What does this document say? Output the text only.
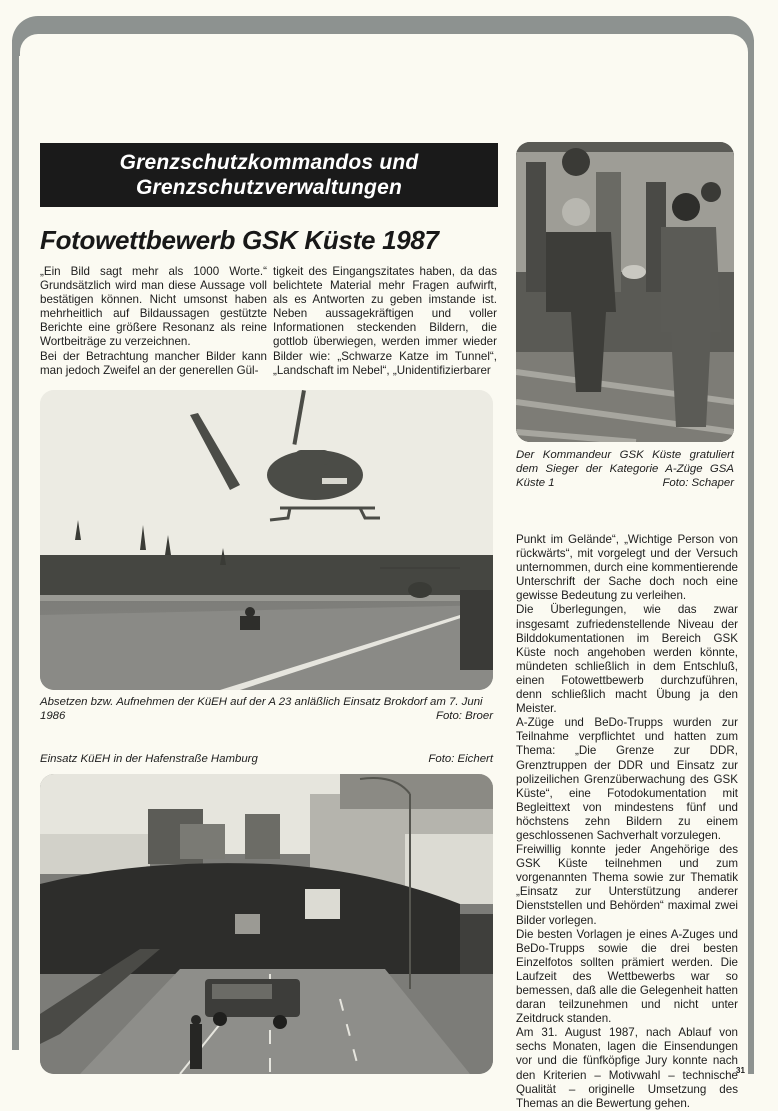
Grenzschutzkommandos und
Grenzschutzverwaltungen
Fotowettbewerb GSK Küste 1987

„Ein Bild sagt mehr als 1000 Worte.“ Grundsätzlich wird man diese Aussage voll bestätigen können. Nicht umsonst haben mehrheitlich auf Bildaussagen gestützte Berichte eine größere Resonanz als reine Wortbeiträge zu verzeichnen.

Bei der Betrachtung mancher Bilder kann man jedoch Zweifel an der generellen Gül-

tigkeit des Eingangszitates haben, da das belichtete Material mehr Fragen aufwirft, als es Antworten zu geben imstande ist. Neben aussagekräftigen und voller Informationen steckenden Bildern, die gottlob überwiegen, werden immer wieder Bilder wie: „Schwarze Katze im Tunnel“, „Landschaft im Nebel“, „Unidentifizierbarer

Der Kommandeur GSK Küste gratuliert dem Sieger der Kategorie A-Züge GSA Küste 1	Foto: Schaper
Absetzen bzw. Aufnehmen der KüEH auf der A 23 anläßlich Einsatz Brokdorf am 7. Juni 1986	Foto: Broer
Einsatz KüEH in der Hafenstraße Hamburg	Foto: Eichert

Punkt im Gelände“, „Wichtige Person von rückwärts“, mit vorgelegt und der Versuch unternommen, durch eine kommentierende Unterschrift der Sache doch noch eine gewisse Bedeutung zu verleihen.

Die Überlegungen, wie das zwar insgesamt zufriedenstellende Niveau der Bilddokumentationen im Bereich GSK Küste noch angehoben werden könnte, mündeten schließlich in dem Entschluß, einen Fotowettbewerb durchzuführen, denn schließlich macht Übung ja den Meister.

A-Züge und BeDo-Trupps wurden zur Teilnahme verpflichtet und hatten zum Thema: „Die Grenze zur DDR, Grenztruppen der DDR und Einsatz zur polizeilichen Grenzüberwachung des GSK Küste“, eine Fotodokumentation mit Begleittext von mindestens fünf und höchstens zehn Bildern zu einem geschlossenen Sachverhalt vorzulegen.

Freiwillig konnte jeder Angehörige des GSK Küste teilnehmen und zum vorgenannten Thema sowie zur Thematik „Einsatz zur Unterstützung anderer Dienststellen und Behörden“ maximal zwei Bilder vorlegen.

Die besten Vorlagen je eines A-Zuges und BeDo-Trupps sowie die drei besten Einzelfotos sollten prämiert werden. Die Laufzeit des Wettbewerbs war so bemessen, daß alle die Gelegenheit hatten daran teilzunehmen und nicht unter Zeitdruck standen.

Am 31. August 1987, nach Ablauf von sechs Monaten, lagen die Einsendungen vor und die fünfköpfige Jury konnte nach den Kriterien – Motivwahl – technische Qualität – originelle Umsetzung des Themas an die Bewertung gehen.

31
